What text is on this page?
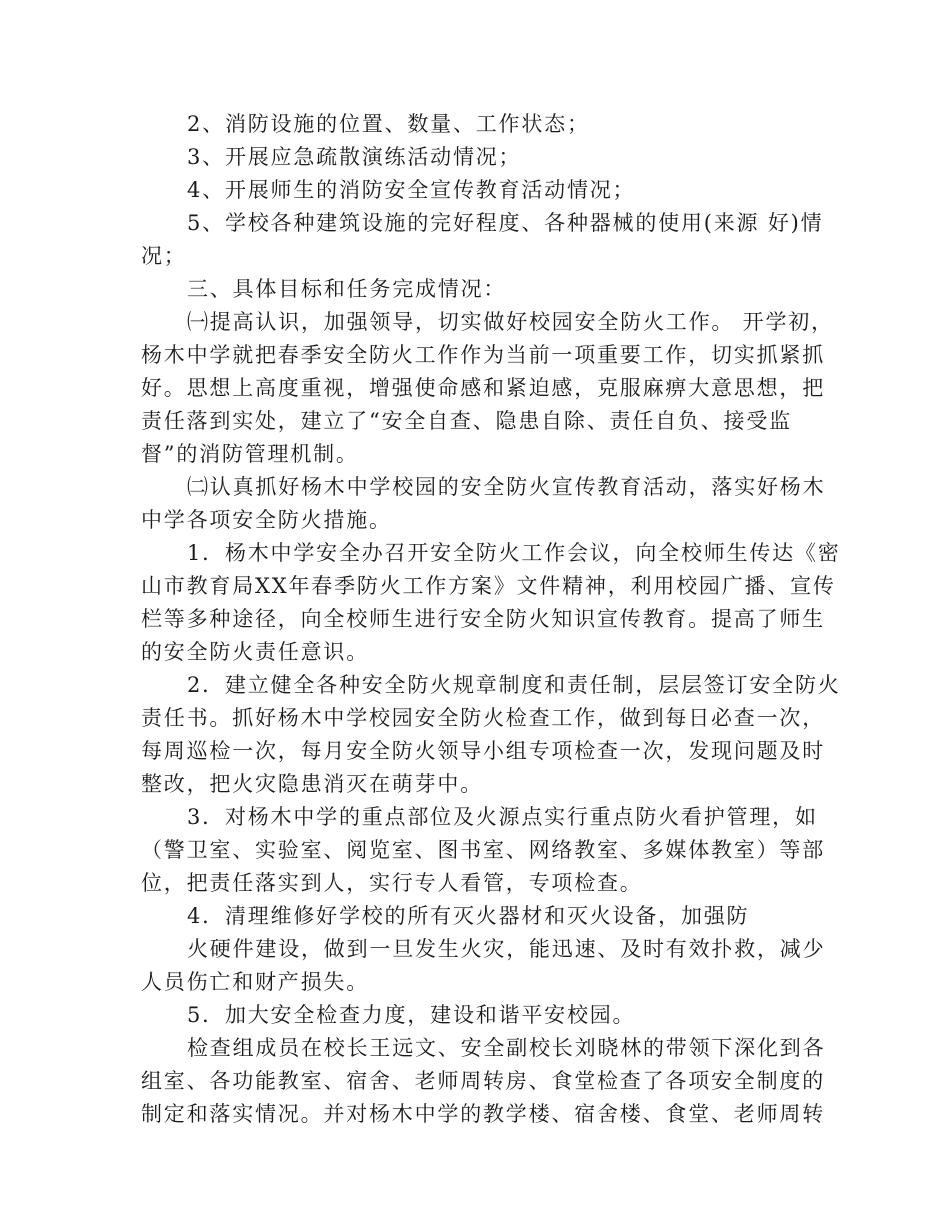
2、消防设施的位置、数量、工作状态；
3、开展应急疏散演练活动情况；
4、开展师生的消防安全宣传教育活动情况；
5、学校各种建筑设施的完好程度、各种器械的使用(来源 好)情
况；
三、具体目标和任务完成情况：
㈠提高认识，加强领导，切实做好校园安全防火工作。 开学初，
杨木中学就把春季安全防火工作作为当前一项重要工作，切实抓紧抓
好。思想上高度重视，增强使命感和紧迫感，克服麻痹大意思想，把
责任落到实处，建立了“安全自查、隐患自除、责任自负、接受监
督”的消防管理机制。
㈡认真抓好杨木中学校园的安全防火宣传教育活动，落实好杨木
中学各项安全防火措施。
1．杨木中学安全办召开安全防火工作会议，向全校师生传达《密
山市教育局XX年春季防火工作方案》文件精神，利用校园广播、宣传
栏等多种途径，向全校师生进行安全防火知识宣传教育。提高了师生
的安全防火责任意识。
2．建立健全各种安全防火规章制度和责任制，层层签订安全防火
责任书。抓好杨木中学校园安全防火检查工作，做到每日必查一次，
每周巡检一次，每月安全防火领导小组专项检查一次，发现问题及时
整改，把火灾隐患消灭在萌芽中。
3．对杨木中学的重点部位及火源点实行重点防火看护管理，如
（警卫室、实验室、阅览室、图书室、网络教室、多媒体教室）等部
位，把责任落实到人，实行专人看管，专项检查。
4．清理维修好学校的所有灭火器材和灭火设备，加强防
火硬件建设，做到一旦发生火灾，能迅速、及时有效扑救，减少
人员伤亡和财产损失。
5．加大安全检查力度，建设和谐平安校园。
检查组成员在校长王远文、安全副校长刘晓林的带领下深化到各
组室、各功能教室、宿舍、老师周转房、食堂检查了各项安全制度的
制定和落实情况。并对杨木中学的教学楼、宿舍楼、食堂、老师周转
